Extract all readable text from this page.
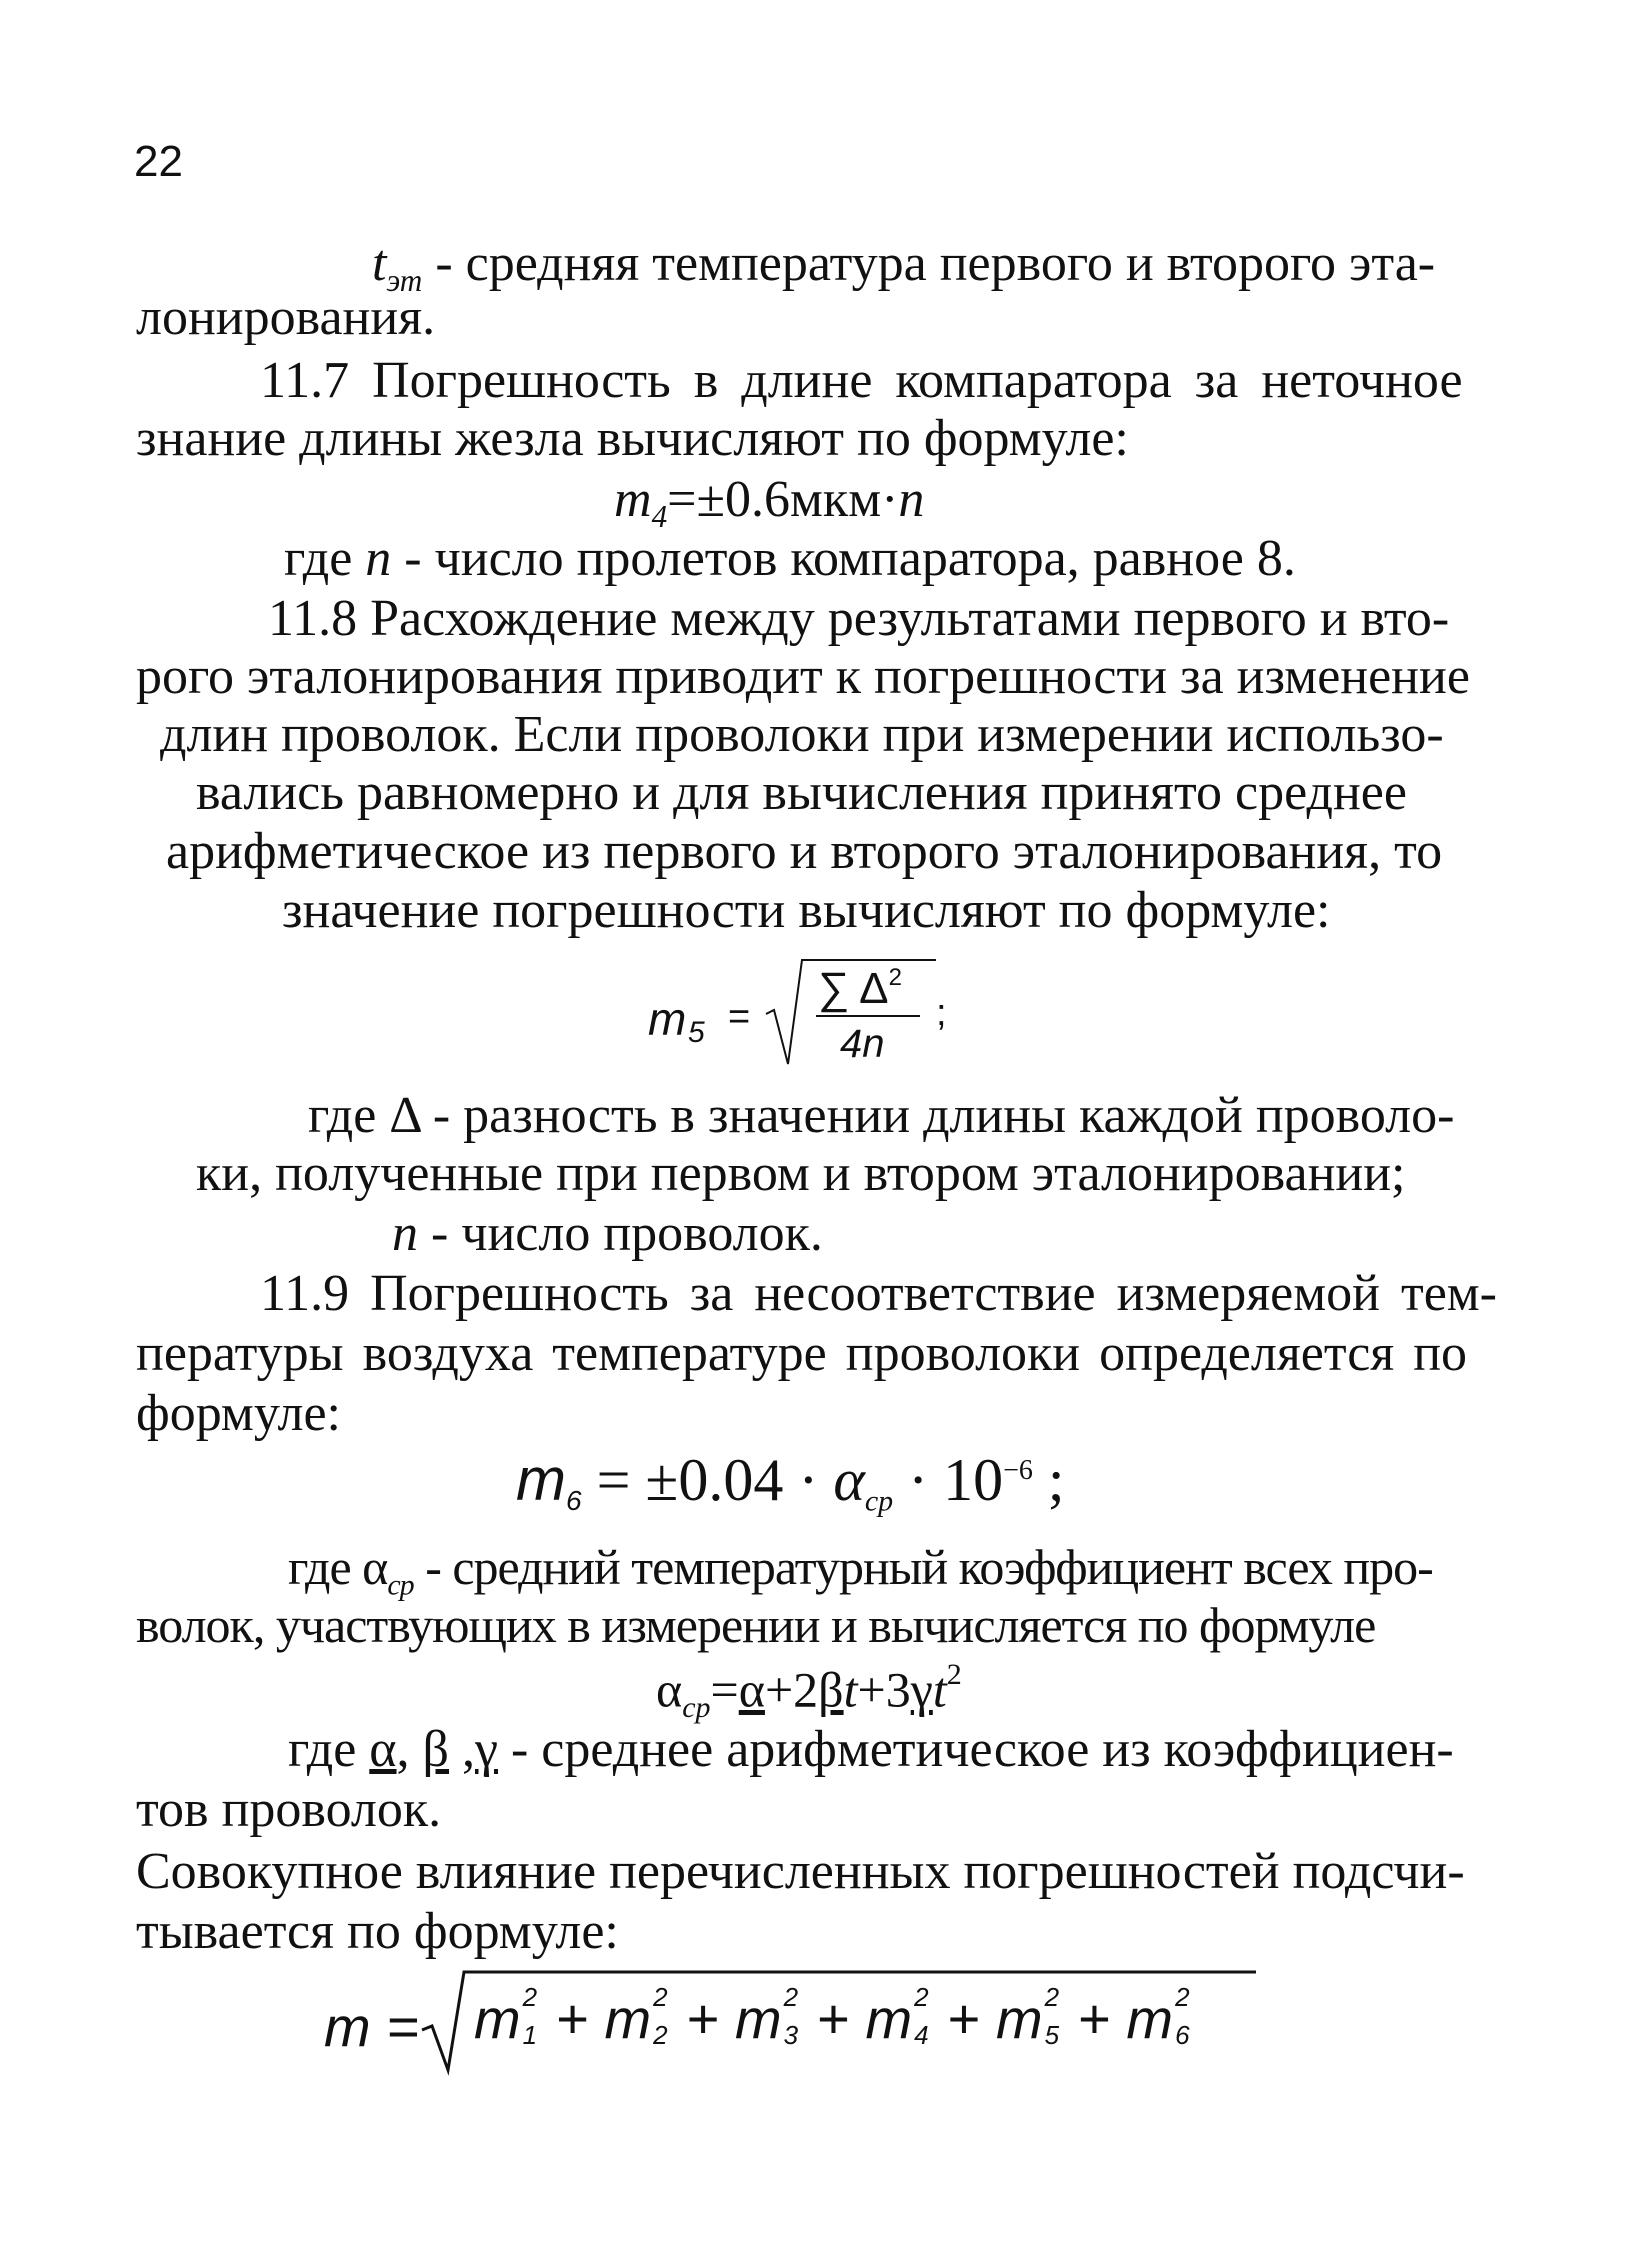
22

$t_{эт}$ - средняя температура первого и второго эта-

лонирования.

11.7 Погрешность в длине компаратора за неточное

знание длины жезла вычисляют по формуле:

$m_4=\pm 0.6мкм\cdot n$

где n - число пролетов компаратора, равное 8.

11.8 Расхождение между результатами первого и вто-

рого эталонирования приводит к погрешности за изменение

длин проволок. Если проволоки при измерении использо-

вались равномерно и для вычисления принято среднее

арифметическое из первого и второго эталонирования, то

значение погрешности вычисляют по формуле:

m 5 =
∑ $\Delta^2$
4n
;

где Δ - разность в значении длины каждой проволо-

ки, полученные при первом и втором эталонировании;

n - число проволок.

11.9 Погрешность за несоответствие измеряемой тем-

пературы воздуха температуре проволоки определяется по

формуле:

$m_6 = \pm 0.04 \cdot \alpha_{ср} \cdot 10^{-6}$ ;

где $\alpha_{ср}$ - средний температурный коэффициент всех про-

волок, участвующих в измерении и вычисляется по формуле

$\alpha_{ср}=\alpha+2\beta t+3\gamma t^2$

где α, β ,γ - среднее арифметическое из коэффициен-

тов проволок.

Совокупное влияние перечисленных погрешностей подсчи-

тывается по формуле:

m = m 2
1 + m 2
2 + m 2
3 + m 2
4 + m 2
5 + m 2
6
